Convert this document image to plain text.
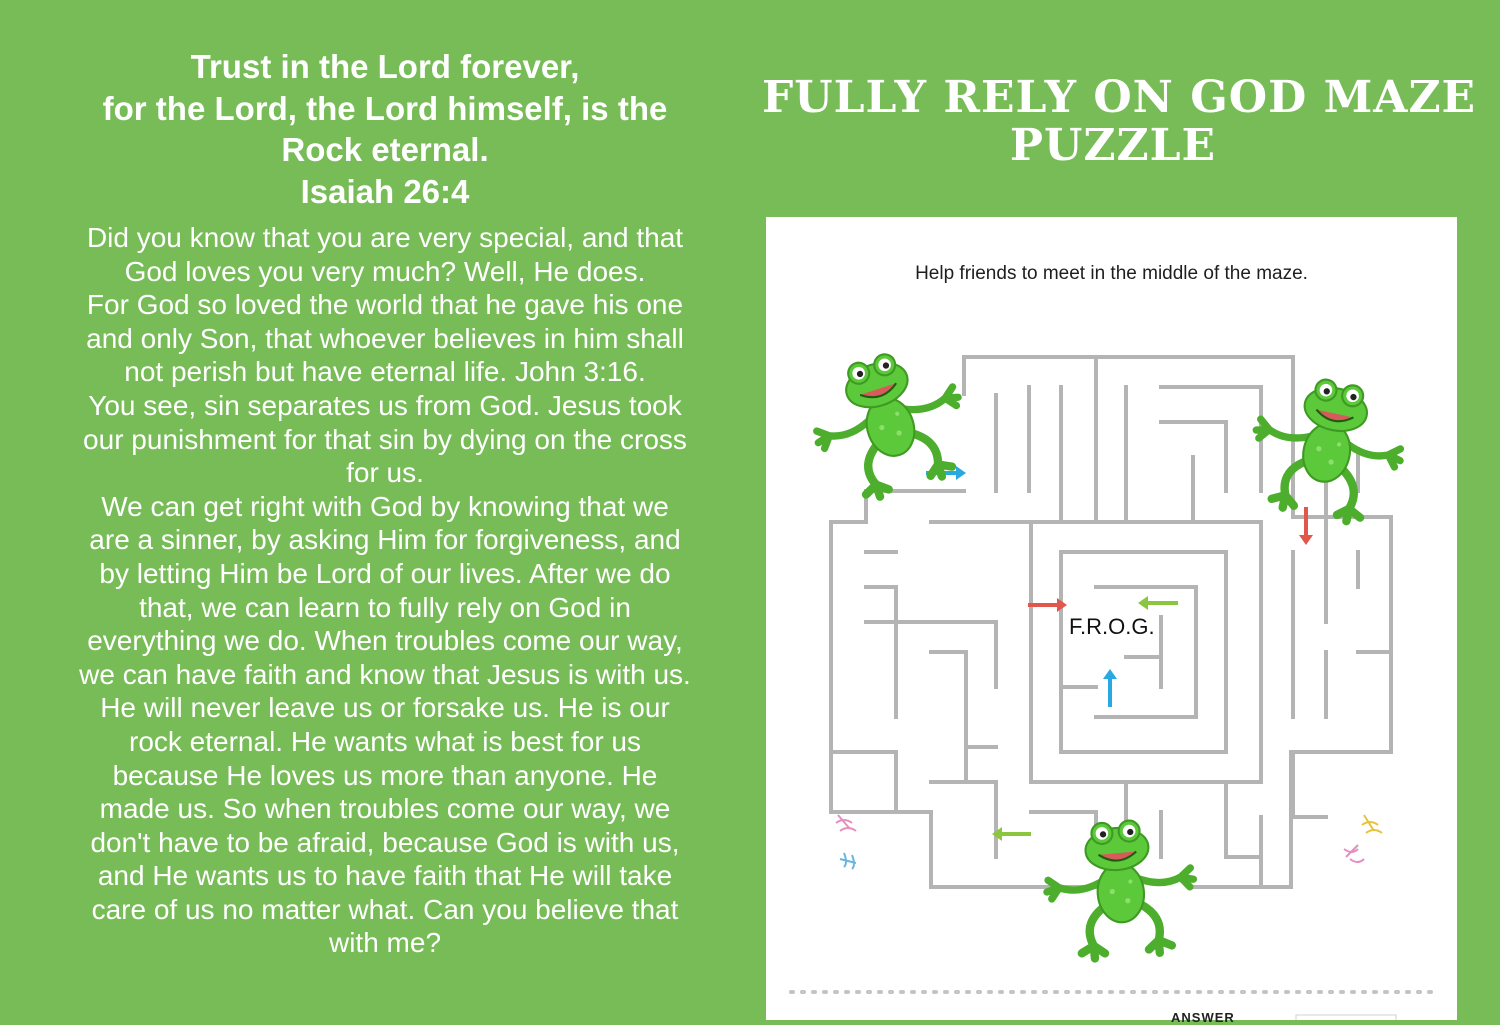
Trust in the Lord forever,
for the Lord, the Lord himself, is the
Rock eternal.
Isaiah 26:4
Did you know that you are very special, and that
God loves you very much? Well, He does.
For God so loved the world that he gave his one
and only Son, that whoever believes in him shall
not perish but have eternal life. John 3:16.
You see, sin separates us from God. Jesus took
our punishment for that sin by dying on the cross
for us.
We can get right with God by knowing that we
are a sinner, by asking Him for forgiveness, and
by letting Him be Lord of our lives. After we do
that, we can learn to fully rely on God in
everything we do. When troubles come our way,
we can have faith and know that Jesus is with us.
He will never leave us or forsake us. He is our
rock eternal. He wants what is best for us
because He loves us more than anyone. He
made us. So when troubles come our way, we
don't have to be afraid, because God is with us,
and He wants us to have faith that He will take
care of us no matter what. Can you believe that
with me?
FULLY RELY ON GOD MAZE
PUZZLE
Help friends to meet in the middle of the maze.
F.R.O.G.
ANSWER
